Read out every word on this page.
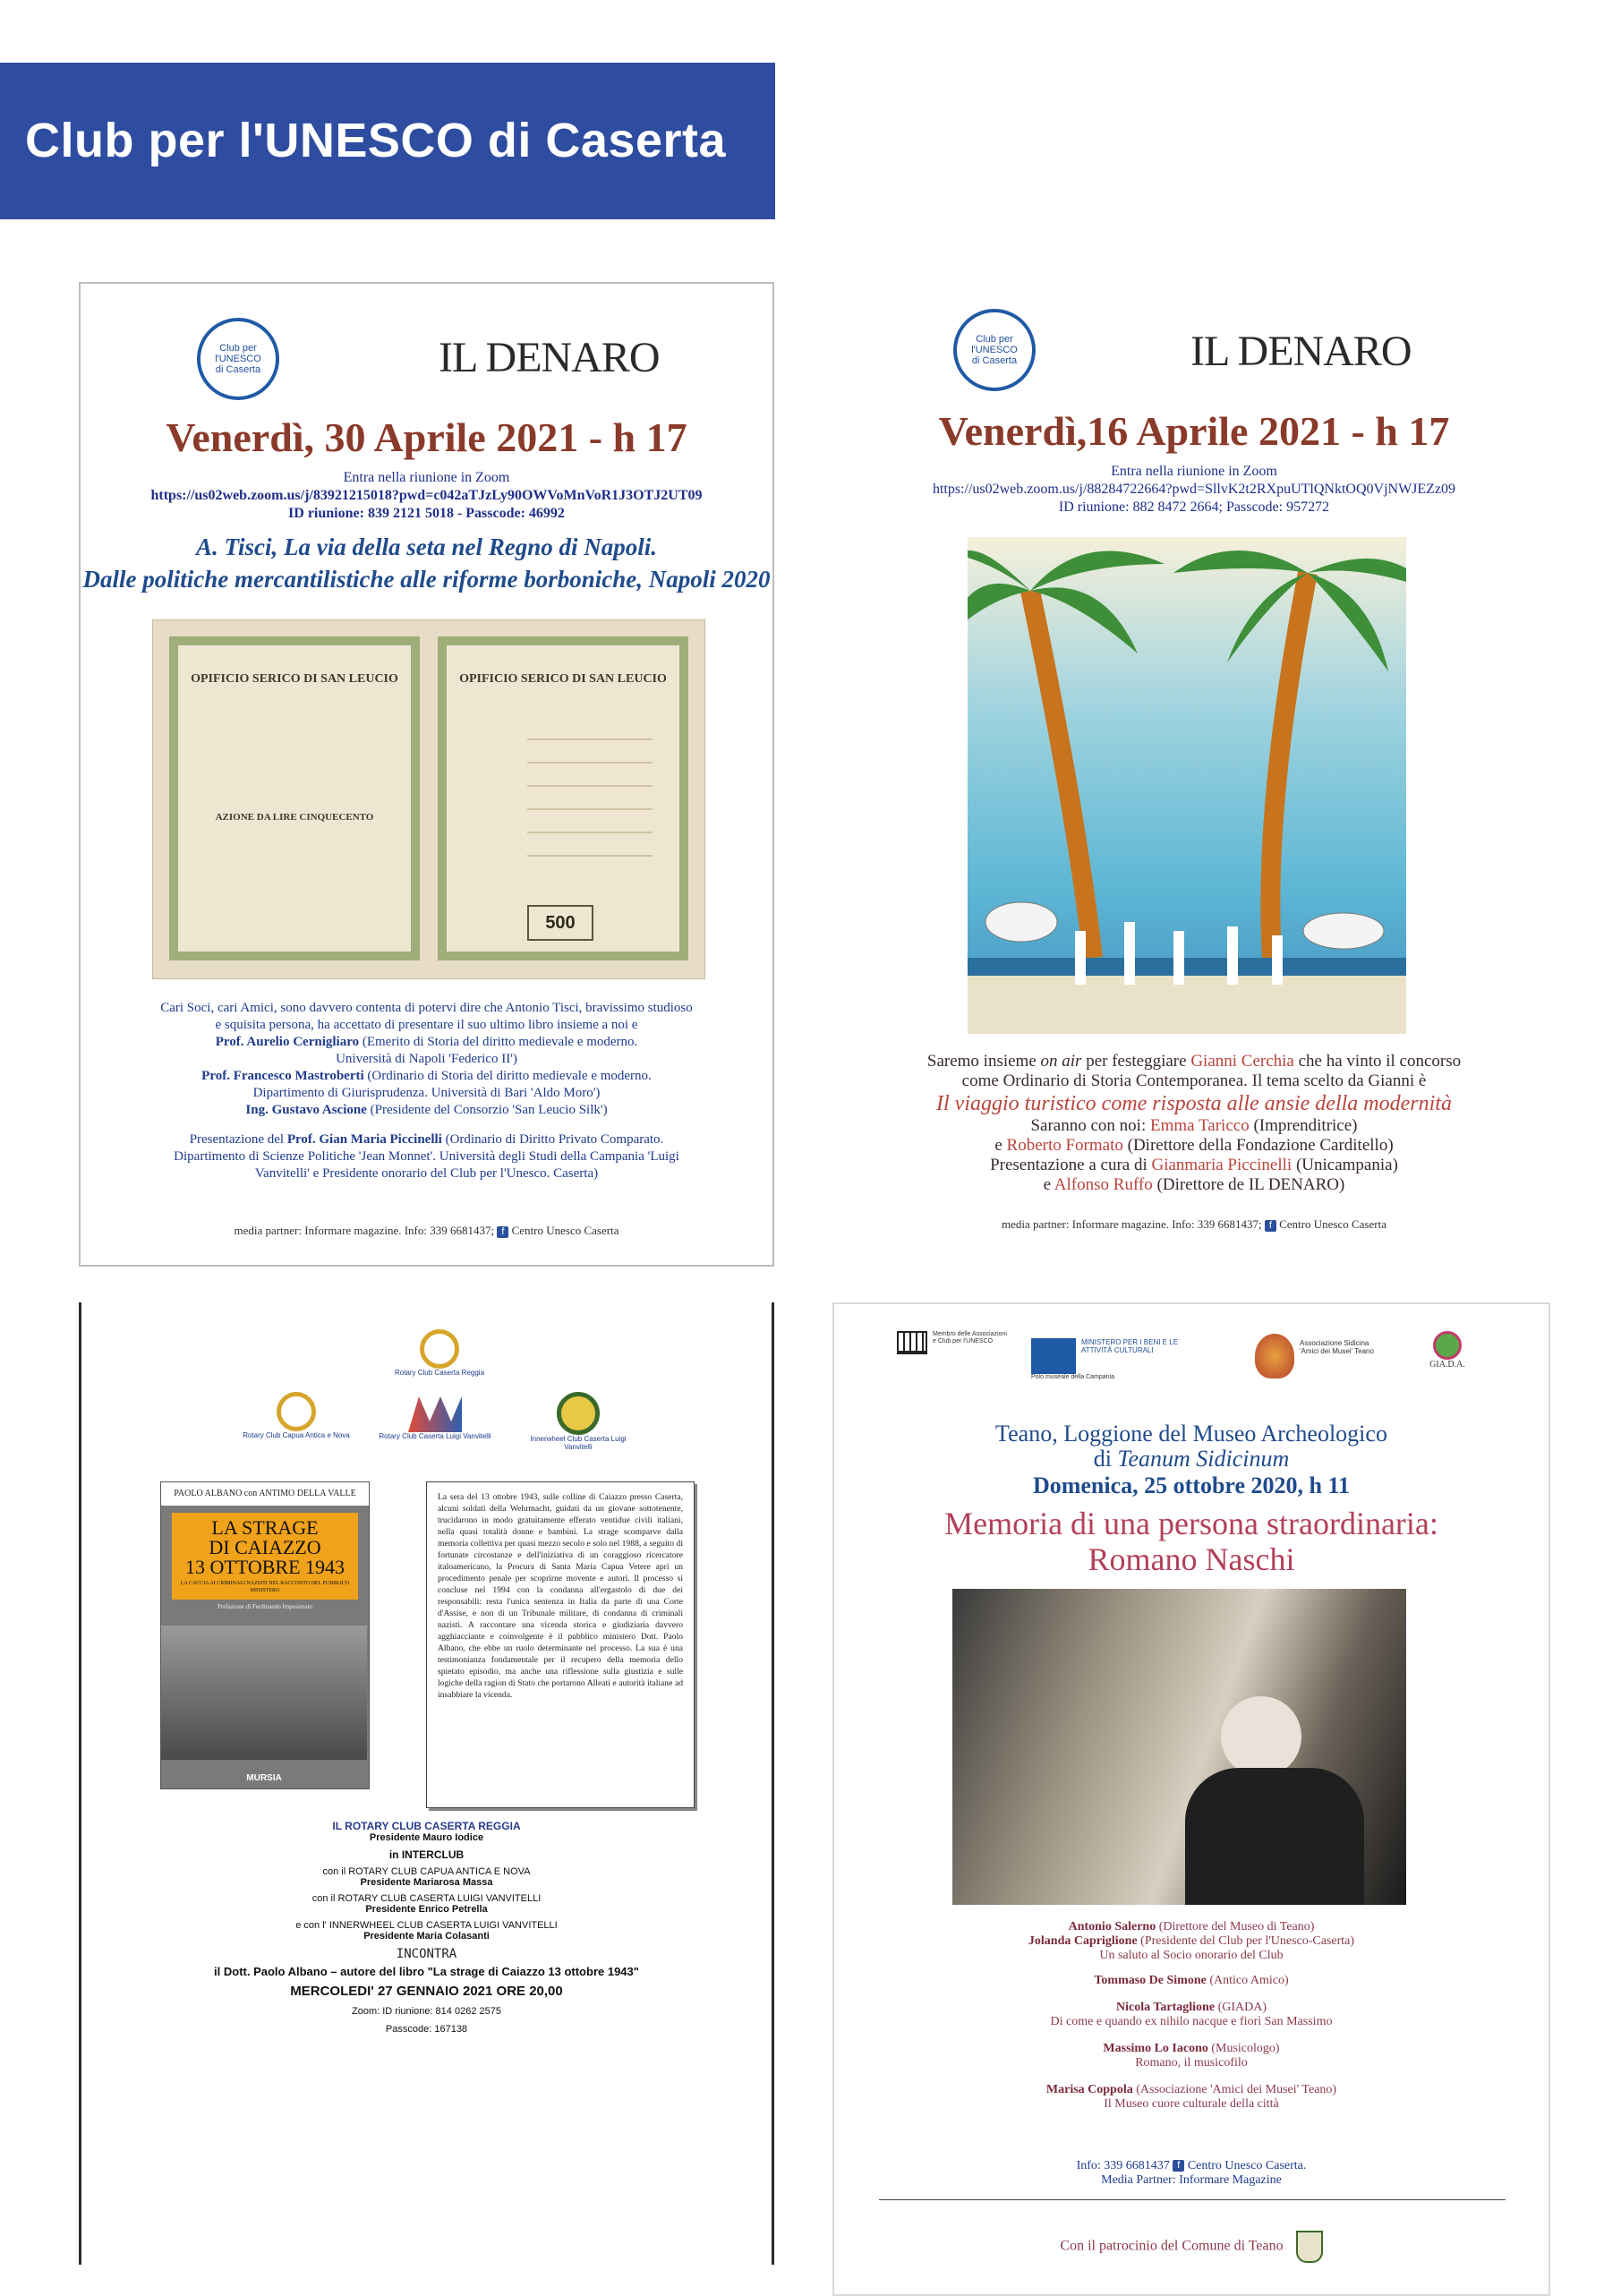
Club per l'UNESCO di Caserta
Club per l'UNESCO di Caserta	IL DENARO
Venerdì, 30 Aprile 2021 - h 17
Entra nella riunione in Zoom
https://us02web.zoom.us/j/83921215018?pwd=c042aTJzLy90OWVoMnVoR1J3OTJ2UT09
ID riunione: 839 2121 5018 - Passcode: 46992
A. Tisci, La via della seta nel Regno di Napoli.
Dalle politiche mercantilistiche alle riforme borboniche, Napoli 2020
OPIFICIO SERICO DI SAN LEUCIO
AZIONE DA LIRE CINQUECENTO
OPIFICIO SERICO DI SAN LEUCIO
500
Cari Soci, cari Amici, sono davvero contenta di potervi dire che Antonio Tisci, bravissimo studioso
e squisita persona, ha accettato di presentare il suo ultimo libro insieme a noi e
Prof. Aurelio Cernigliaro (Emerito di Storia del diritto medievale e moderno.
Università di Napoli 'Federico II')
Prof. Francesco Mastroberti (Ordinario di Storia del diritto medievale e moderno.
Dipartimento di Giurisprudenza. Università di Bari 'Aldo Moro')
Ing. Gustavo Ascione (Presidente del Consorzio 'San Leucio Silk')
Presentazione del Prof. Gian Maria Piccinelli (Ordinario di Diritto Privato Comparato.
Dipartimento di Scienze Politiche 'Jean Monnet'. Università degli Studi della Campania 'Luigi
Vanvitelli' e Presidente onorario del Club per l'Unesco. Caserta)
media partner: Informare magazine. Info: 339 6681437; f Centro Unesco Caserta
Club per l'UNESCO di Caserta	IL DENARO
Venerdì,16 Aprile 2021 - h 17
Entra nella riunione in Zoom
https://us02web.zoom.us/j/88284722664?pwd=SllvK2t2RXpuUTlQNktOQ0VjNWJEZz09
ID riunione: 882 8472 2664; Passcode: 957272
Saremo insieme on air per festeggiare Gianni Cerchia che ha vinto il concorso
come Ordinario di Storia Contemporanea. Il tema scelto da Gianni è
Il viaggio turistico come risposta alle ansie della modernità
Saranno con noi: Emma Taricco (Imprenditrice)
e Roberto Formato (Direttore della Fondazione Carditello)
Presentazione a cura di Gianmaria Piccinelli (Unicampania)
e Alfonso Ruffo (Direttore de IL DENARO)
media partner: Informare magazine. Info: 339 6681437; f Centro Unesco Caserta
Rotary Club Caserta Reggia
Rotary Club Capua Antica e Nova	Rotary Club Caserta Luigi Vanvitelli	Innerwheel Club Caserta Luigi Vanvitelli
PAOLO ALBANO con ANTIMO DELLA VALLE
LA STRAGE
DI CAIAZZO
13 OTTOBRE 1943
LA CACCIA AI CRIMINALI NAZISTI NEL RACCONTO DEL PUBBLICO MINISTERO
Prefazione di Ferdinando Imposimato
MURSIA
La sera del 13 ottobre 1943, sulle colline di Caiazzo presso Caserta, alcuni soldati della Wehrmacht, guidati da un giovane sottotenente, trucidarono in modo gratuitamente efferato ventidue civili italiani, nella quasi totalità donne e bambini. La strage scomparve dalla memoria collettiva per quasi mezzo secolo e solo nel 1988, a seguito di fortunate circostanze e dell'iniziativa di un coraggioso ricercatore italoamericano, la Procura di Santa Maria Capua Vetere aprì un procedimento penale per scoprirne movente e autori. Il processo si concluse nel 1994 con la condanna all'ergastolo di due dei responsabili: resta l'unica sentenza in Italia da parte di una Corte d'Assise, e non di un Tribunale militare, di condanna di criminali nazisti. A raccontare una vicenda storica e giudiziaria davvero agghiacciante e coinvolgente è il pubblico ministero Dott. Paolo Albano, che ebbe un ruolo determinante nel processo. La sua è una testimonianza fondamentale per il recupero della memoria dello spietato episodio, ma anche una riflessione sulla giustizia e sulle logiche della ragion di Stato che portarono Alleati e autorità italiane ad insabbiare la vicenda.
IL ROTARY CLUB CASERTA REGGIA
Presidente Mauro Iodice
in INTERCLUB
con il ROTARY CLUB CAPUA ANTICA E NOVA
Presidente Mariarosa Massa
con il ROTARY CLUB CASERTA LUIGI VANVITELLI
Presidente Enrico Petrella
e con l' INNERWHEEL CLUB CASERTA LUIGI VANVITELLI
Presidente Maria Colasanti
INCONTRA
il Dott. Paolo Albano – autore del libro "La strage di Caiazzo 13 ottobre 1943"
MERCOLEDI' 27 GENNAIO 2021 ORE 20,00
Zoom: ID riunione: 814 0262 2575
Passcode: 167138
Membro delle Associazioni e Club per l'UNESCO	MINISTERO PER I BENI E LE ATTIVITÀ CULTURALI
Polo museale della Campania
Associazione Sidicina 'Amici dei Musei' Teano
GIA.D.A.
Teano, Loggione del Museo Archeologico
di Teanum Sidicinum
Domenica, 25 ottobre 2020, h 11
Memoria di una persona straordinaria:
Romano Naschi
Antonio Salerno (Direttore del Museo di Teano)
Jolanda Capriglione (Presidente del Club per l'Unesco-Caserta)
Un saluto al Socio onorario del Club
Tommaso De Simone (Antico Amico)
Nicola Tartaglione (GIADA)
Di come e quando ex nihilo nacque e fiorì San Massimo
Massimo Lo Iacono (Musicologo)
Romano, il musicofilo
Marisa Coppola (Associazione 'Amici dei Musei' Teano)
Il Museo cuore culturale della città
Info: 339 6681437 f Centro Unesco Caserta.
Media Partner: Informare Magazine
Con il patrocinio del Comune di Teano
